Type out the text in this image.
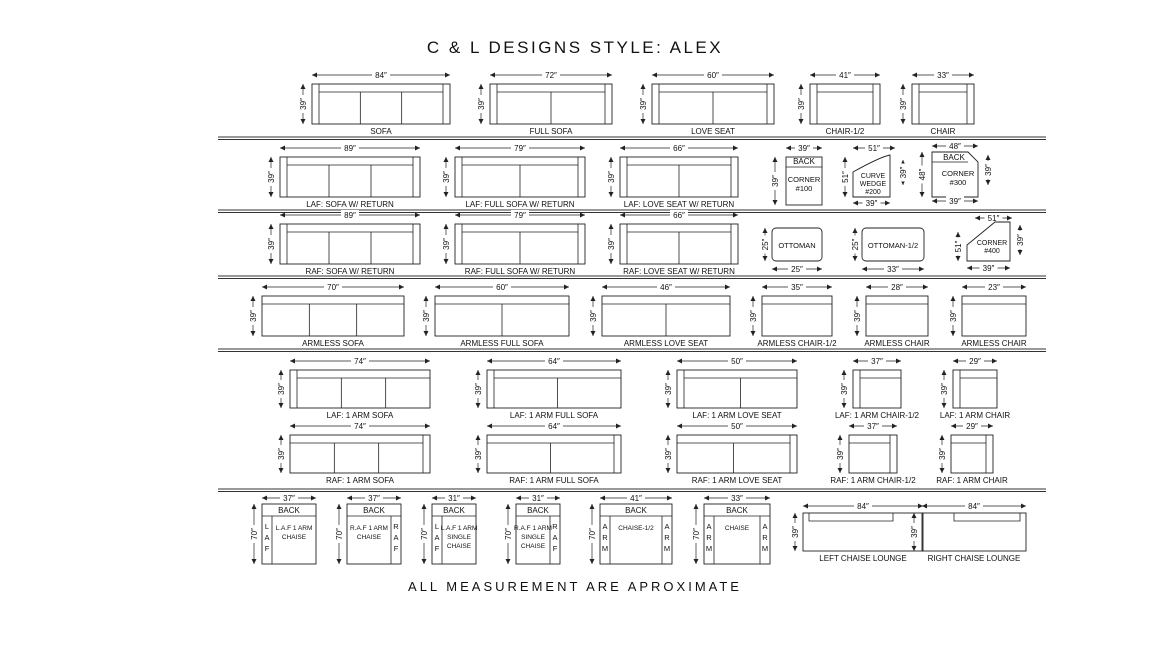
C & L DESIGNS STYLE: ALEX
84″
39″
SOFA
72″
39″
FULL SOFA
60″
39″
LOVE SEAT
41″
39″
CHAIR-1/2
33″
39″
CHAIR
89″
39″
LAF: SOFA W/ RETURN
79″
39″
LAF: FULL SOFA W/ RETURN
66″
39″
LAF: LOVE SEAT W/ RETURN
BACK
CORNER
#100
39″
39″	CURVE
WEDGE
#200
51″
51″
39″
39″
BACK
CORNER
#300
48″
48″
39″
39″
89″
39″
RAF: SOFA W/ RETURN
79″
39″
RAF: FULL SOFA W/ RETURN
66″
39″
RAF: LOVE SEAT W/ RETURN
OTTOMAN
25″
25″
OTTOMAN-1/2
25″
33″
CORNER
#400
51″
51″
39″
39″
70″
39″
ARMLESS SOFA
60″
39″
ARMLESS FULL SOFA
46″
39″
ARMLESS LOVE SEAT
35″
39″
ARMLESS CHAIR-1/2
28″
39″
ARMLESS CHAIR
23″
39″
ARMLESS CHAIR
74″
39″
LAF: 1 ARM SOFA
64″
39″
LAF: 1 ARM FULL SOFA
50″
39″
LAF: 1 ARM LOVE SEAT
37″
39″
LAF: 1 ARM CHAIR-1/2
29″
39″
LAF: 1 ARM CHAIR
74″
39″
RAF: 1 ARM SOFA
64″
39″
RAF: 1 ARM FULL SOFA
50″
39″
RAF: 1 ARM LOVE SEAT
37″
39″
RAF: 1 ARM CHAIR-1/2
29″
39″
RAF: 1 ARM CHAIR
BACK
L
A
F
L.A.F 1 ARM
CHAISE
37″
70″
BACK
R
A
F
R.A.F 1 ARM
CHAISE
37″
70″
BACK
L
A
F
L.A.F 1 ARM
SINGLE
CHAISE
31″
70″
BACK
R
A
F
R.A.F 1 ARM
SINGLE
CHAISE
31″
70″
BACK
A
R
M
A
R
M
CHAISE-1/2
41″
70″
BACK
A
R
M
A
R
M
CHAISE
33″
70″
84″
39″
LEFT CHAISE LOUNGE
84″
39″
RIGHT CHAISE LOUNGE
ALL MEASUREMENT ARE APROXIMATE
